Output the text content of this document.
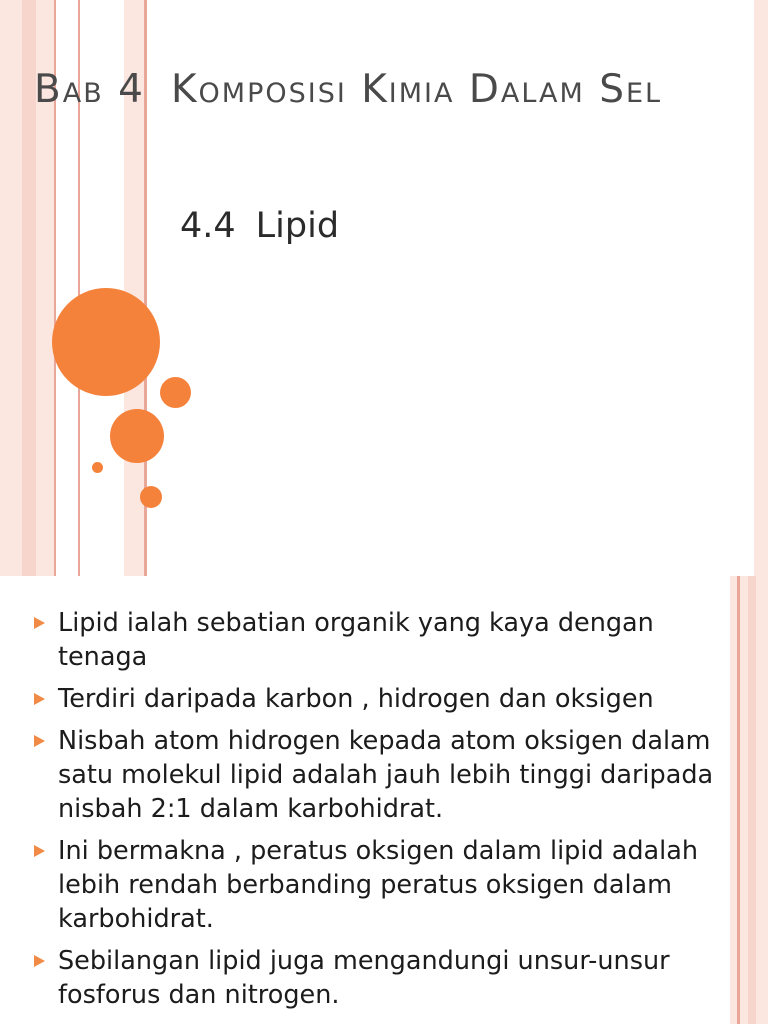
Bab 4 Komposisi Kimia Dalam Sel
4.4 Lipid
Lipid ialah sebatian organik yang kaya dengan tenaga
Terdiri daripada karbon , hidrogen dan oksigen
Nisbah atom hidrogen kepada atom oksigen dalam satu molekul lipid adalah jauh lebih tinggi daripada nisbah 2:1 dalam karbohidrat.
Ini bermakna , peratus oksigen dalam lipid adalah lebih rendah berbanding peratus oksigen dalam karbohidrat.
Sebilangan lipid juga mengandungi unsur-unsur fosforus dan nitrogen.
